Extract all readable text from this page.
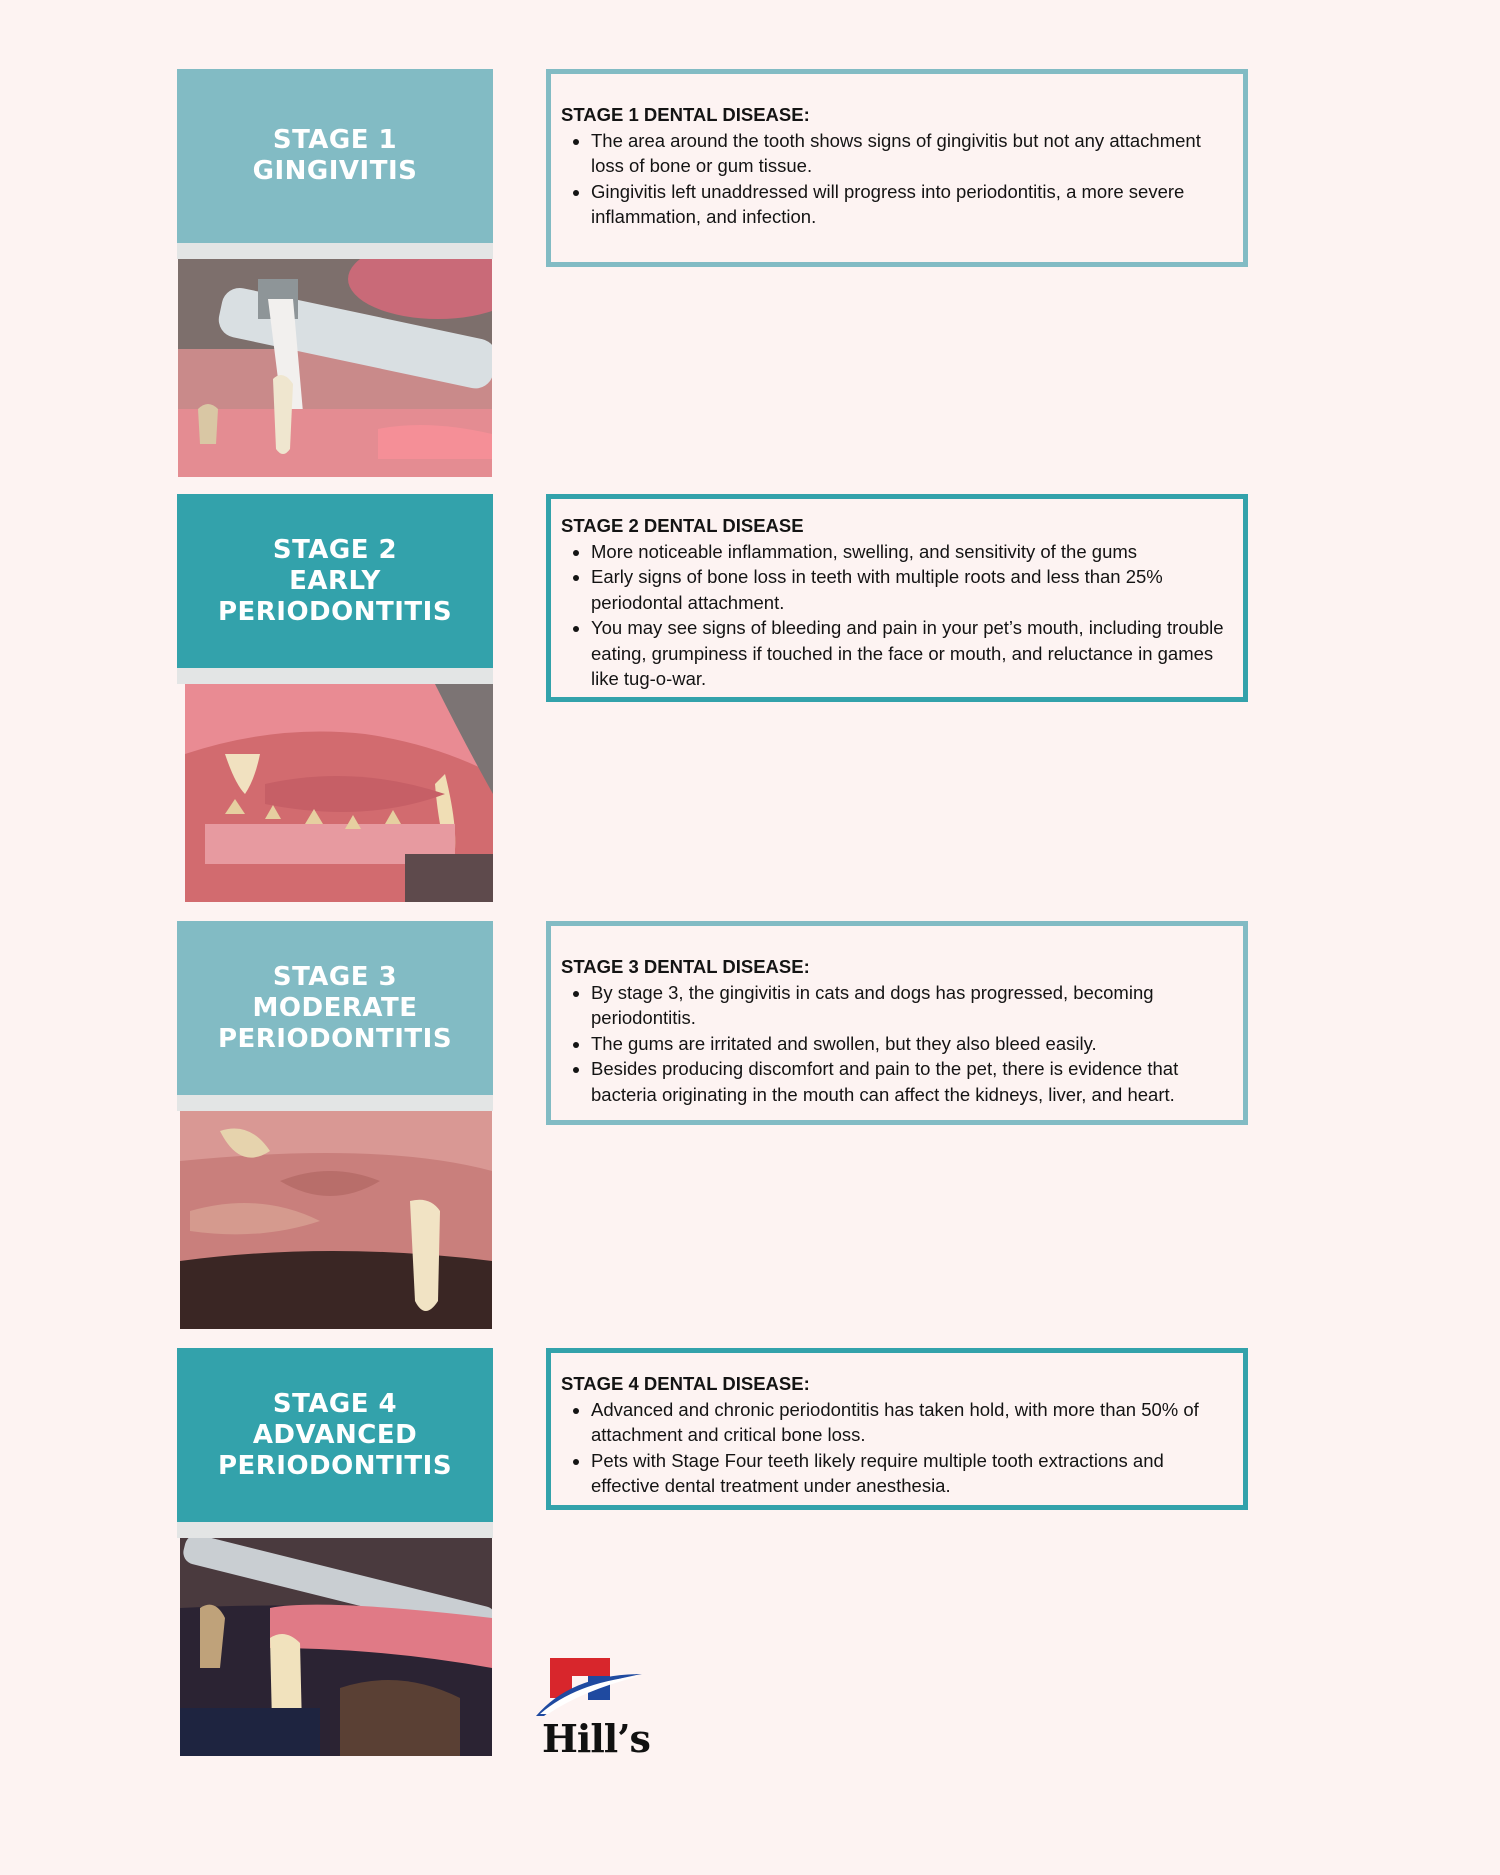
STAGE 1
GINGIVITIS
STAGE 1 DENTAL DISEASE:
• The area around the tooth shows signs of gingivitis but not any attachment loss of bone or gum tissue.
• Gingivitis left unaddressed will progress into periodontitis, a more severe inflammation, and infection.
STAGE 2
EARLY
PERIODONTITIS
STAGE 2 DENTAL DISEASE
• More noticeable inflammation, swelling, and sensitivity of the gums
• Early signs of bone loss in teeth with multiple roots and less than 25% periodontal attachment.
• You may see signs of bleeding and pain in your pet’s mouth, including trouble eating, grumpiness if touched in the face or mouth, and reluctance in games like tug-o-war.
STAGE 3
MODERATE
PERIODONTITIS
STAGE 3 DENTAL DISEASE:
• By stage 3, the gingivitis in cats and dogs has progressed, becoming periodontitis.
• The gums are irritated and swollen, but they also bleed easily.
• Besides producing discomfort and pain to the pet, there is evidence that bacteria originating in the mouth can affect the kidneys, liver, and heart.
STAGE 4
ADVANCED
PERIODONTITIS
STAGE 4 DENTAL DISEASE:
• Advanced and chronic periodontitis has taken hold, with more than 50% of attachment and critical bone loss.
• Pets with Stage Four teeth likely require multiple tooth extractions and effective dental treatment under anesthesia.
Hill’s
